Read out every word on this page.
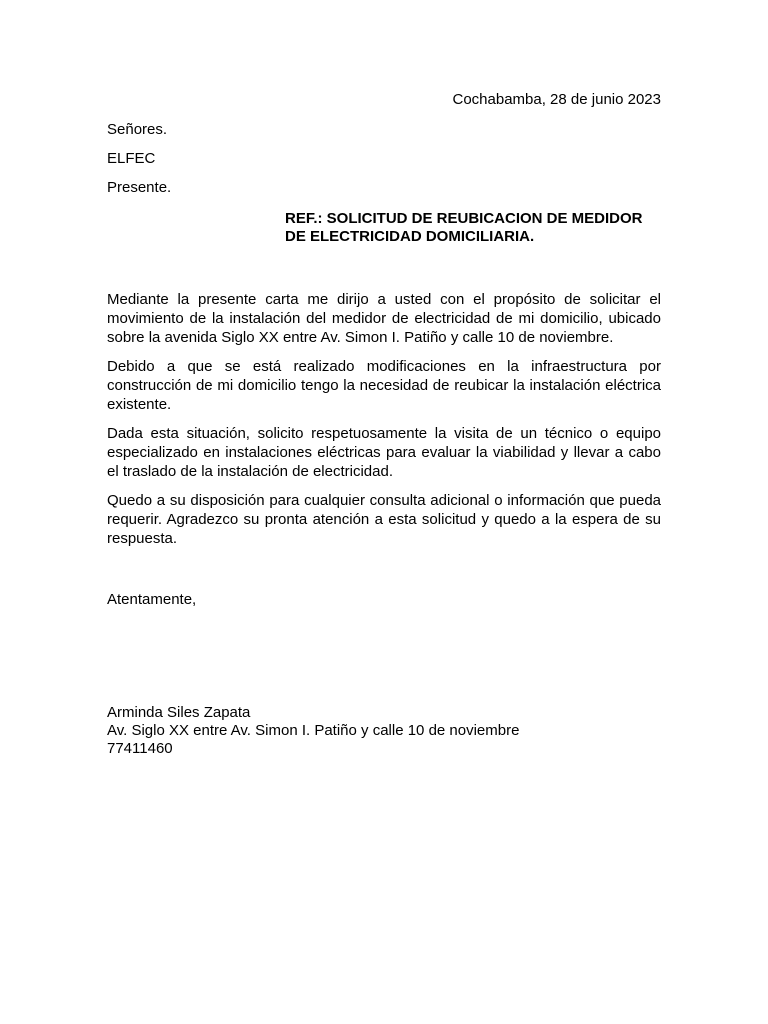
Cochabamba, 28 de junio 2023
Señores.
ELFEC
Presente.
REF.: SOLICITUD DE REUBICACION DE MEDIDOR
DE ELECTRICIDAD DOMICILIARIA.

Mediante la presente carta me dirijo a usted con el propósito de solicitar el movimiento de la instalación del medidor de electricidad de mi domicilio, ubicado sobre la avenida Siglo XX entre Av. Simon I. Patiño y calle 10 de noviembre.

Debido a que se está realizado modificaciones en la infraestructura por construcción de mi domicilio tengo la necesidad de reubicar la instalación eléctrica existente.

Dada esta situación, solicito respetuosamente la visita de un técnico o equipo especializado en instalaciones eléctricas para evaluar la viabilidad y llevar a cabo el traslado de la instalación de electricidad.

Quedo a su disposición para cualquier consulta adicional o información que pueda requerir. Agradezco su pronta atención a esta solicitud y quedo a la espera de su respuesta.

Atentamente,
Arminda Siles Zapata
Av. Siglo XX entre Av. Simon I. Patiño y calle 10 de noviembre
77411460
